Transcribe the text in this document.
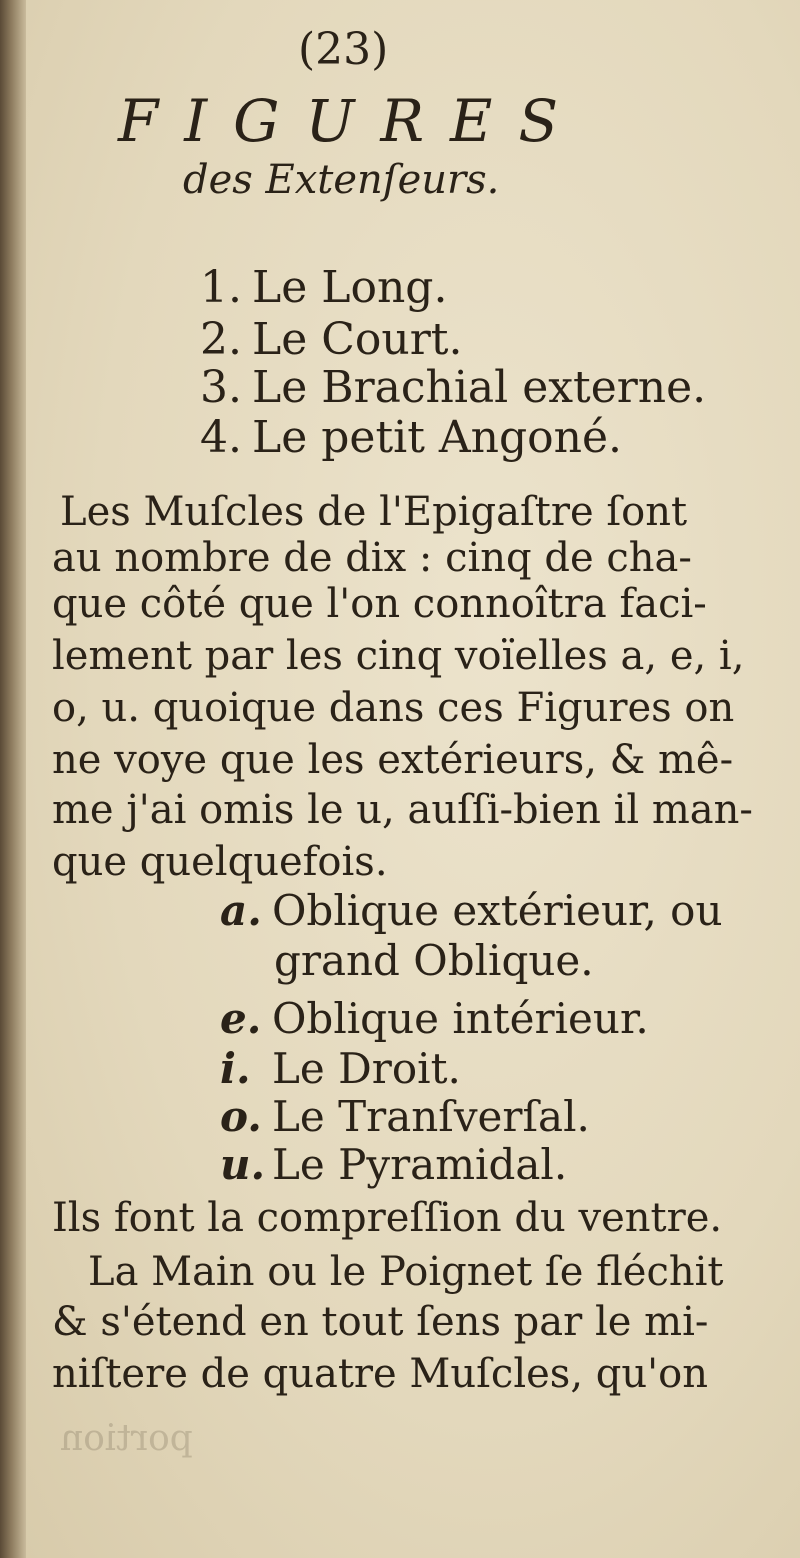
(23)
FIGURES
des Extenſeurs.
1. Le Long.
2. Le Court.
3. Le Brachial externe.
4. Le petit Angoné.
Les Muſcles de l'Epigaſtre ſont
au nombre de dix : cinq de cha-
que côté que l'on connoîtra faci-
lement par les cinq voïelles a, e, i,
o, u. quoique dans ces Figures on
ne voye que les extérieurs, & mê-
me j'ai omis le u, auſſi-bien il man-
que quelquefois.
a. Oblique extérieur, ou
grand Oblique.
e. Oblique intérieur.
i. Le Droit.
o. Le Tranſverſal.
u. Le Pyramidal.
Ils font la compreſſion du ventre.
La Main ou le Poignet ſe fléchit
& s'étend en tout ſens par le mi-
niſtere de quatre Muſcles, qu'on
portion
